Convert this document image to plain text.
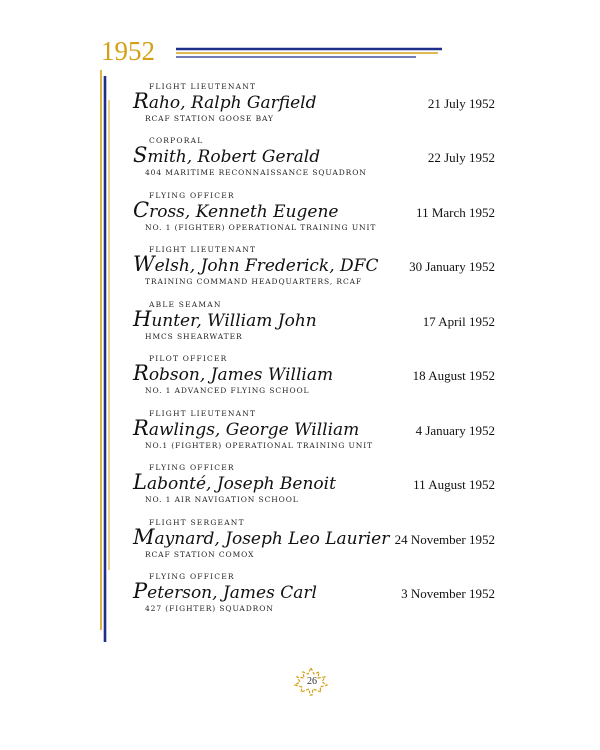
1952
FLIGHT LIEUTENANT
Raho, Ralph Garfield	21 July 1952
RCAF STATION GOOSE BAY
CORPORAL
Smith, Robert Gerald	22 July 1952
404 MARITIME RECONNAISSANCE SQUADRON
FLYING OFFICER
Cross, Kenneth Eugene	11 March 1952
NO. 1 (FIGHTER) OPERATIONAL TRAINING UNIT
FLIGHT LIEUTENANT
Welsh, John Frederick, DFC 30 January 1952
TRAINING COMMAND HEADQUARTERS, RCAF
ABLE SEAMAN
Hunter, William John	17 April 1952
HMCS SHEARWATER
PILOT OFFICER
Robson, James William	18 August 1952
NO. 1 ADVANCED FLYING SCHOOL
FLIGHT LIEUTENANT
Rawlings, George William	4 January 1952
NO.1 (FIGHTER) OPERATIONAL TRAINING UNIT
FLYING OFFICER
Labonté, Joseph Benoit	11 August 1952
NO. 1 AIR NAVIGATION SCHOOL
FLIGHT SERGEANT
Maynard, Joseph Leo Laurier 24 November 1952
RCAF STATION COMOX
FLYING OFFICER
Peterson, James Carl	3 November 1952
427 (FIGHTER) SQUADRON
26
